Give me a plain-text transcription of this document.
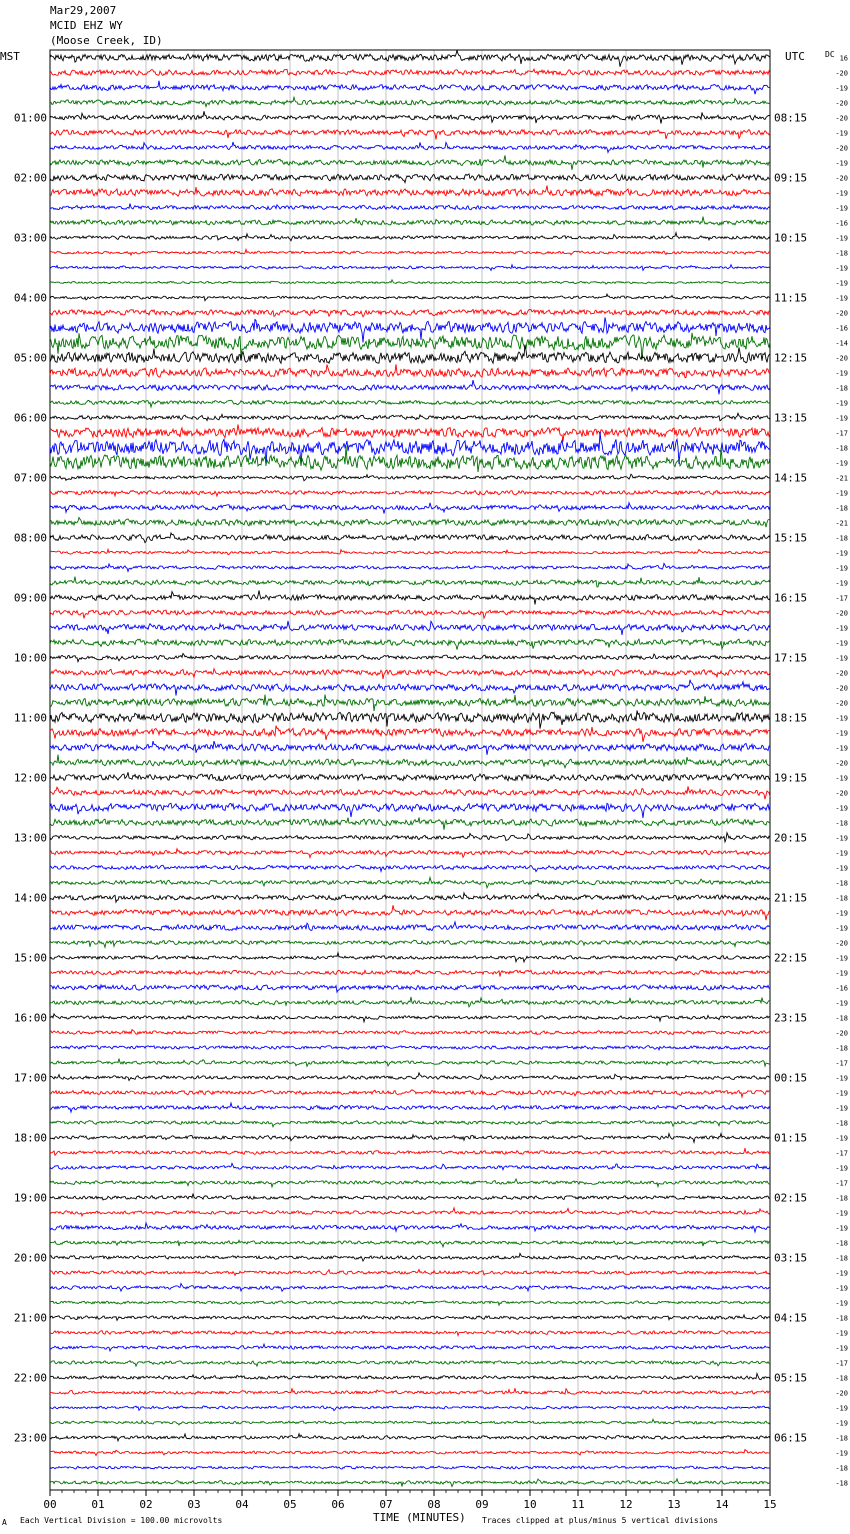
Mar29,2007
MCID EHZ WY
(Moose Creek, ID)
MST	UTC	DC
00	01	02	03	04	05	06	07	08	09	10	11	12	13	14	15
16
-20
-19
-20
-20
-19
-20
-19
-20
-19
-19
-16
-19
-18
-19
-19
-19
-20
-16
-14
-20
-19
-18
-19
-19
-17
-18
-19
-21
-19
-18
-21
-18
-19
-19
-19
-17
-20
-19
-19
-19
-20
-20
-20
-19
-19
-19
-20
-19
-20
-19
-18
-19
-19
-19
-18
-18
-19
-19
-20
-19
-19
-16
-19
-18
-20
-18
-17
-19
-19
-19
-18
-19
-17
-19
-17
-18
-19
-19
-18
-18
-19
-19
-19
-18
-19
-19
-17
-18
-20
-19
-19
-18
-19
-18
-18
01:00	08:15
02:00	09:15
03:00	10:15
04:00	11:15
05:00	12:15
06:00	13:15
07:00	14:15
08:00	15:15
09:00	16:15
10:00	17:15
11:00	18:15
12:00	19:15
13:00	20:15
14:00	21:15
15:00	22:15
16:00	23:15
17:00	00:15
18:00	01:15
19:00	02:15
20:00	03:15
21:00	04:15
22:00	05:15
23:00	06:15
A Each Vertical Division = 100.00 microvolts	TIME (MINUTES) Traces clipped at plus/minus 5 vertical divisions
